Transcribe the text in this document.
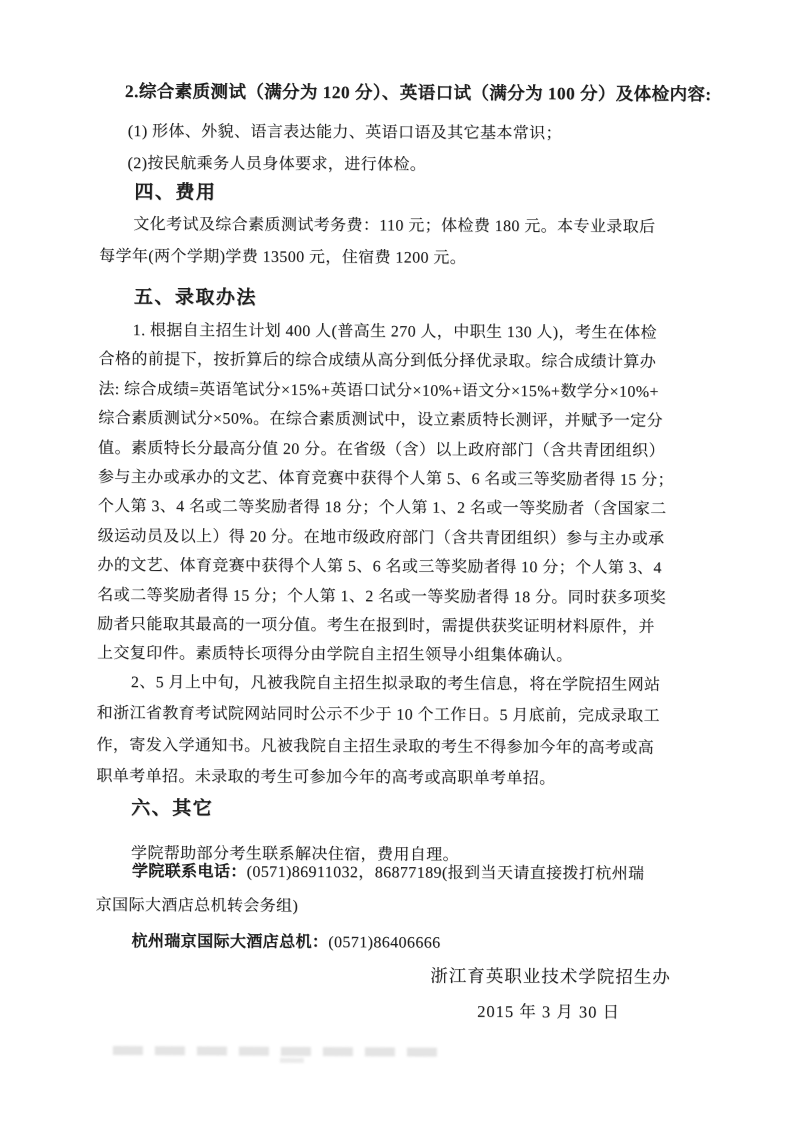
2.综合素质测试（满分为 120 分）、英语口试（满分为 100 分）及体检内容:
(1) 形体、外貌、语言表达能力、英语口语及其它基本常识；
(2)按民航乘务人员身体要求，进行体检。
四、费用
文化考试及综合素质测试考务费：110 元；体检费 180 元。本专业录取后
每学年(两个学期)学费 13500 元，住宿费 1200 元。
五、录取办法
1. 根据自主招生计划 400 人(普高生 270 人，中职生 130 人)，考生在体检
合格的前提下，按折算后的综合成绩从高分到低分择优录取。综合成绩计算办
法: 综合成绩=英语笔试分×15%+英语口试分×10%+语文分×15%+数学分×10%+
综合素质测试分×50%。在综合素质测试中，设立素质特长测评，并赋予一定分
值。素质特长分最高分值 20 分。在省级（含）以上政府部门（含共青团组织）
参与主办或承办的文艺、体育竞赛中获得个人第 5、6 名或三等奖励者得 15 分；
个人第 3、4 名或二等奖励者得 18 分；个人第 1、2 名或一等奖励者（含国家二
级运动员及以上）得 20 分。在地市级政府部门（含共青团组织）参与主办或承
办的文艺、体育竞赛中获得个人第 5、6 名或三等奖励者得 10 分；个人第 3、4
名或二等奖励者得 15 分；个人第 1、2 名或一等奖励者得 18 分。同时获多项奖
励者只能取其最高的一项分值。考生在报到时，需提供获奖证明材料原件，并
上交复印件。素质特长项得分由学院自主招生领导小组集体确认。
2、5 月上中旬，凡被我院自主招生拟录取的考生信息，将在学院招生网站
和浙江省教育考试院网站同时公示不少于 10 个工作日。5 月底前，完成录取工
作，寄发入学通知书。凡被我院自主招生录取的考生不得参加今年的高考或高
职单考单招。未录取的考生可参加今年的高考或高职单考单招。
六、其它
学院帮助部分考生联系解决住宿，费用自理。
学院联系电话：(0571)86911032，86877189(报到当天请直接拨打杭州瑞
京国际大酒店总机转会务组)
杭州瑞京国际大酒店总机：(0571)86406666
浙江育英职业技术学院招生办
2015 年 3 月 30 日
